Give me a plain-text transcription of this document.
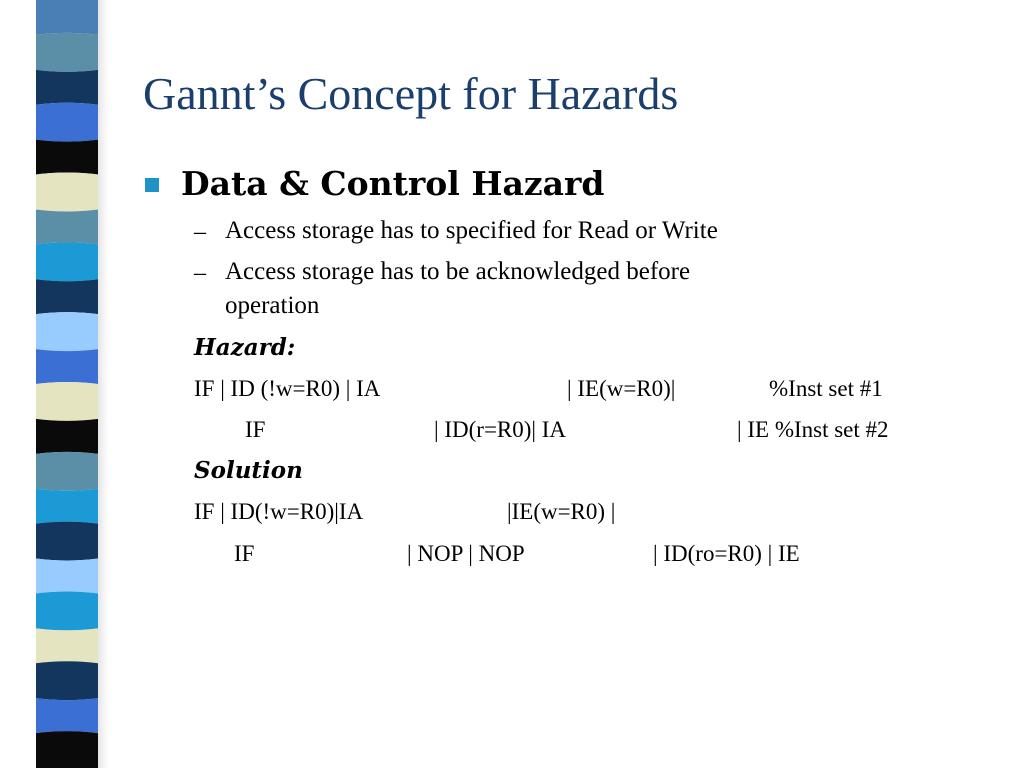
Gannt’s Concept for Hazards
Data & Control Hazard
– Access storage has to specified for Read or Write
– Access storage has to be acknowledged before
operation
Hazard:
IF | ID (!w=R0) | IA	| IE(w=R0)|	%Inst set #1
IF	| ID(r=R0)| IA	| IE %Inst set #2
Solution
IF | ID(!w=R0)|IA	|IE(w=R0) |
IF	| NOP | NOP	| ID(ro=R0) | IE
